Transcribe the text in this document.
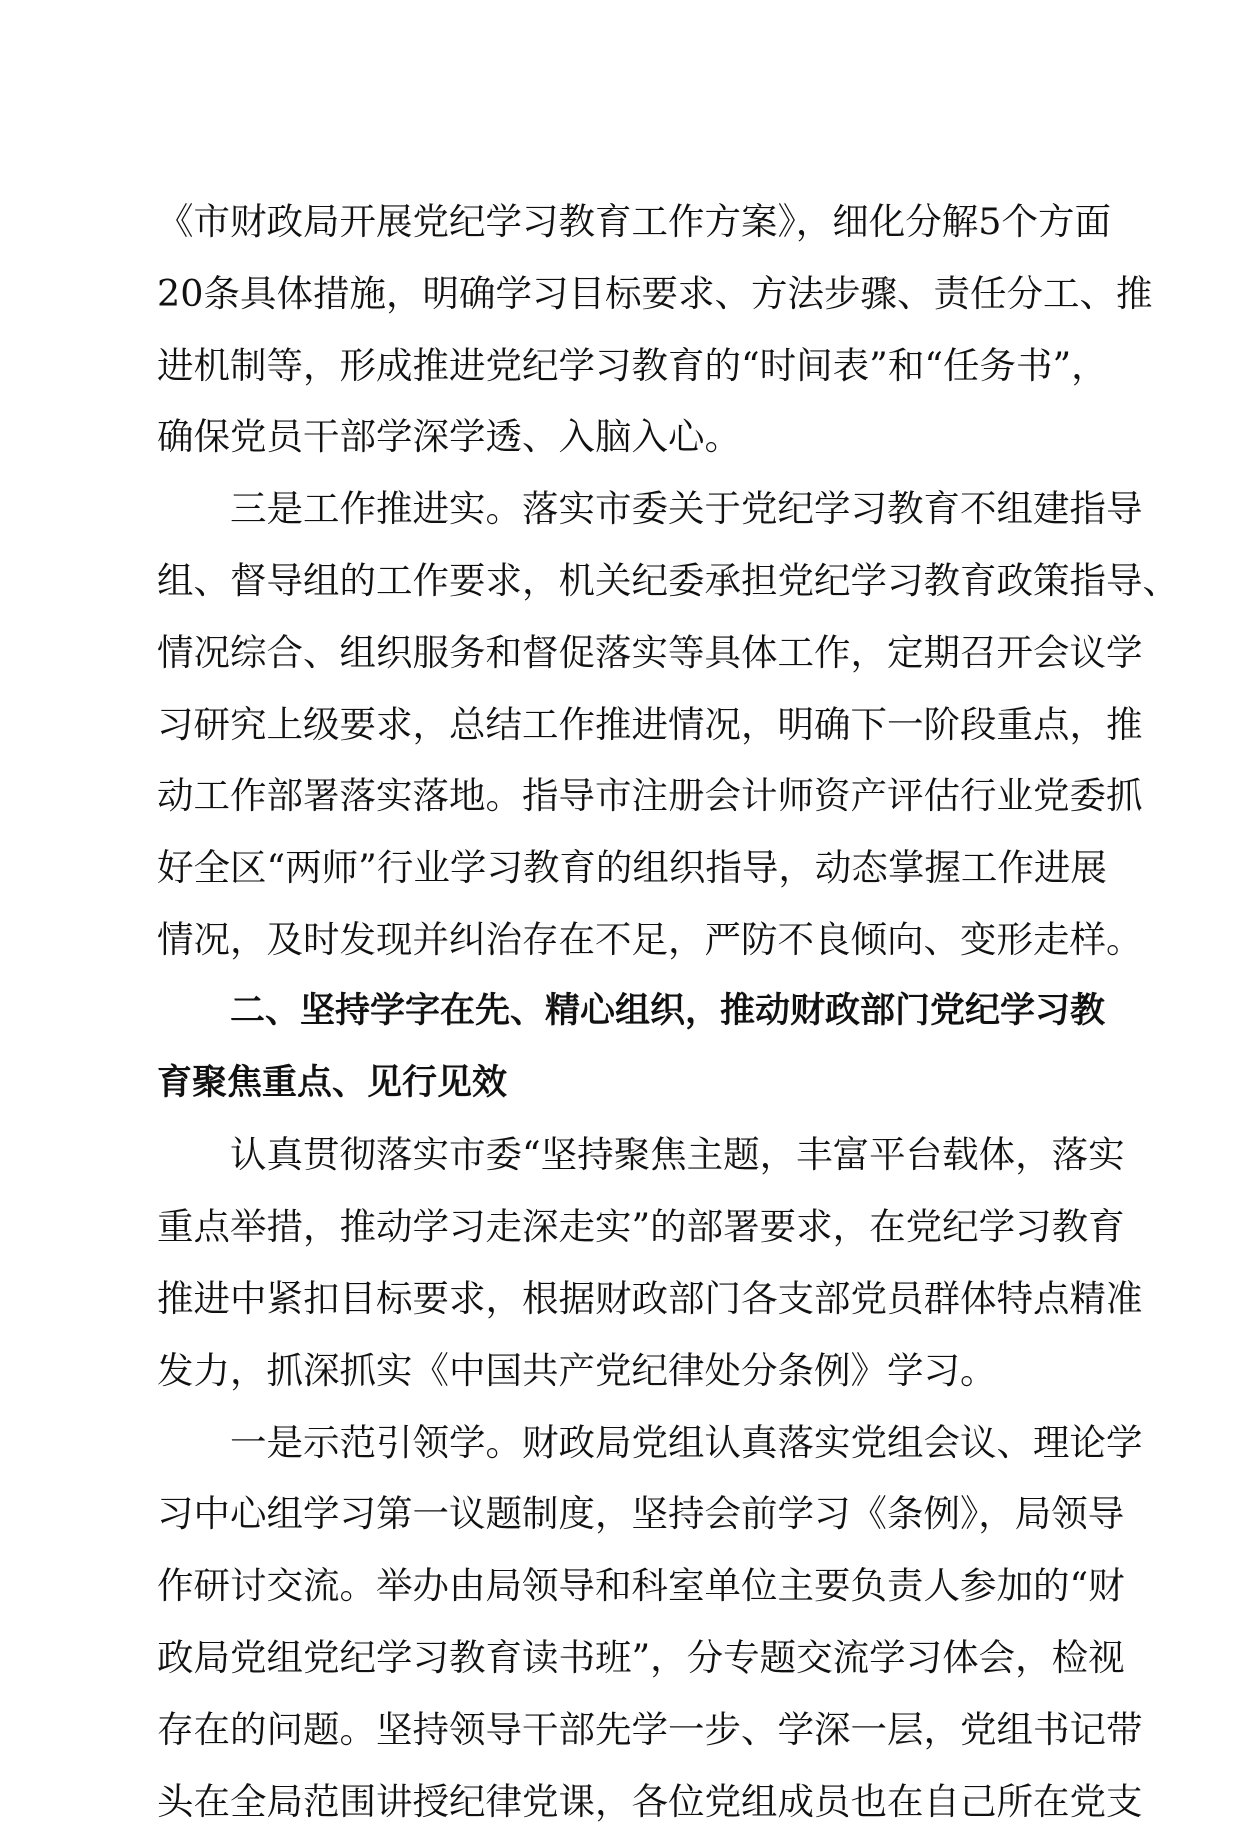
《市财政局开展党纪学习教育工作方案》，细化分解5个方面
20条具体措施，明确学习目标要求、方法步骤、责任分工、推
进机制等，形成推进党纪学习教育的“时间表”和“任务书”，
确保党员干部学深学透、入脑入心。
三是工作推进实。落实市委关于党纪学习教育不组建指导
组、督导组的工作要求，机关纪委承担党纪学习教育政策指导、
情况综合、组织服务和督促落实等具体工作，定期召开会议学
习研究上级要求，总结工作推进情况，明确下一阶段重点，推
动工作部署落实落地。指导市注册会计师资产评估行业党委抓
好全区“两师”行业学习教育的组织指导，动态掌握工作进展
情况，及时发现并纠治存在不足，严防不良倾向、变形走样。
二、坚持学字在先、精心组织，推动财政部门党纪学习教
育聚焦重点、见行见效
认真贯彻落实市委“坚持聚焦主题，丰富平台载体，落实
重点举措，推动学习走深走实”的部署要求，在党纪学习教育
推进中紧扣目标要求，根据财政部门各支部党员群体特点精准
发力，抓深抓实《中国共产党纪律处分条例》学习。
一是示范引领学。财政局党组认真落实党组会议、理论学
习中心组学习第一议题制度，坚持会前学习《条例》，局领导
作研讨交流。举办由局领导和科室单位主要负责人参加的“财
政局党组党纪学习教育读书班”，分专题交流学习体会，检视
存在的问题。坚持领导干部先学一步、学深一层，党组书记带
头在全局范围讲授纪律党课，各位党组成员也在自己所在党支
